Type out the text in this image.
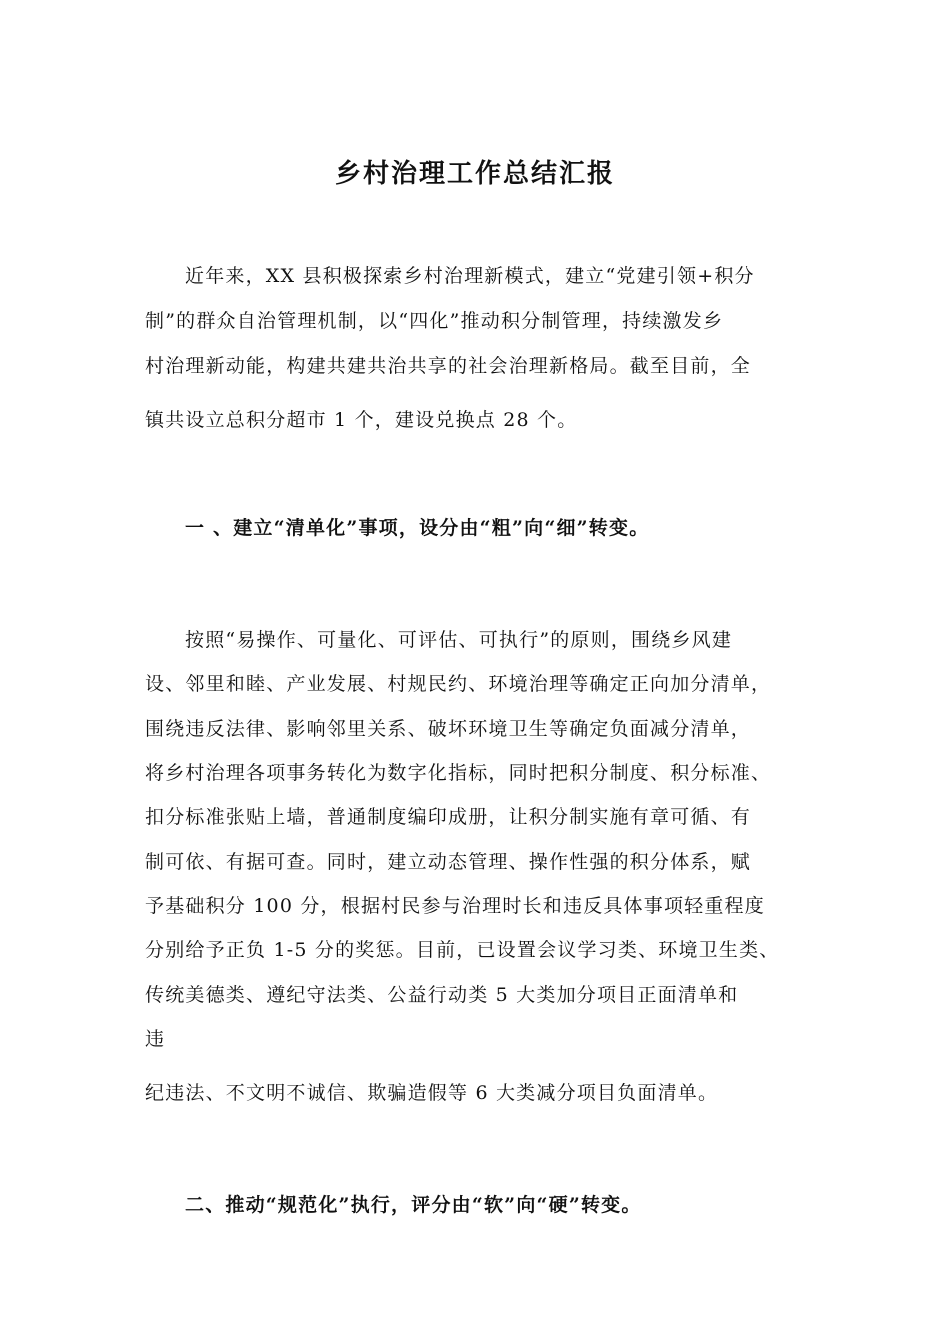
乡村治理工作总结汇报
近年来，XX 县积极探索乡村治理新模式，建立“党建引领+积分
制”的群众自治管理机制，以“四化”推动积分制管理，持续激发乡
村治理新动能，构建共建共治共享的社会治理新格局。截至目前，全
镇共设立总积分超市 1 个，建设兑换点 28 个。
一 、建立“清单化”事项，设分由“粗”向“细”转变。
按照“易操作、可量化、可评估、可执行”的原则，围绕乡风建
设、邻里和睦、产业发展、村规民约、环境治理等确定正向加分清单，
围绕违反法律、影响邻里关系、破坏环境卫生等确定负面减分清单，
将乡村治理各项事务转化为数字化指标，同时把积分制度、积分标准、
扣分标准张贴上墙，普通制度编印成册，让积分制实施有章可循、有
制可依、有据可查。同时，建立动态管理、操作性强的积分体系，赋
予基础积分 100 分，根据村民参与治理时长和违反具体事项轻重程度
分别给予正负 1-5 分的奖惩。目前，已设置会议学习类、环境卫生类、
传统美德类、遵纪守法类、公益行动类 5 大类加分项目正面清单和
违
纪违法、不文明不诚信、欺骗造假等 6 大类减分项目负面清单。
二、推动“规范化”执行，评分由“软”向“硬”转变。
